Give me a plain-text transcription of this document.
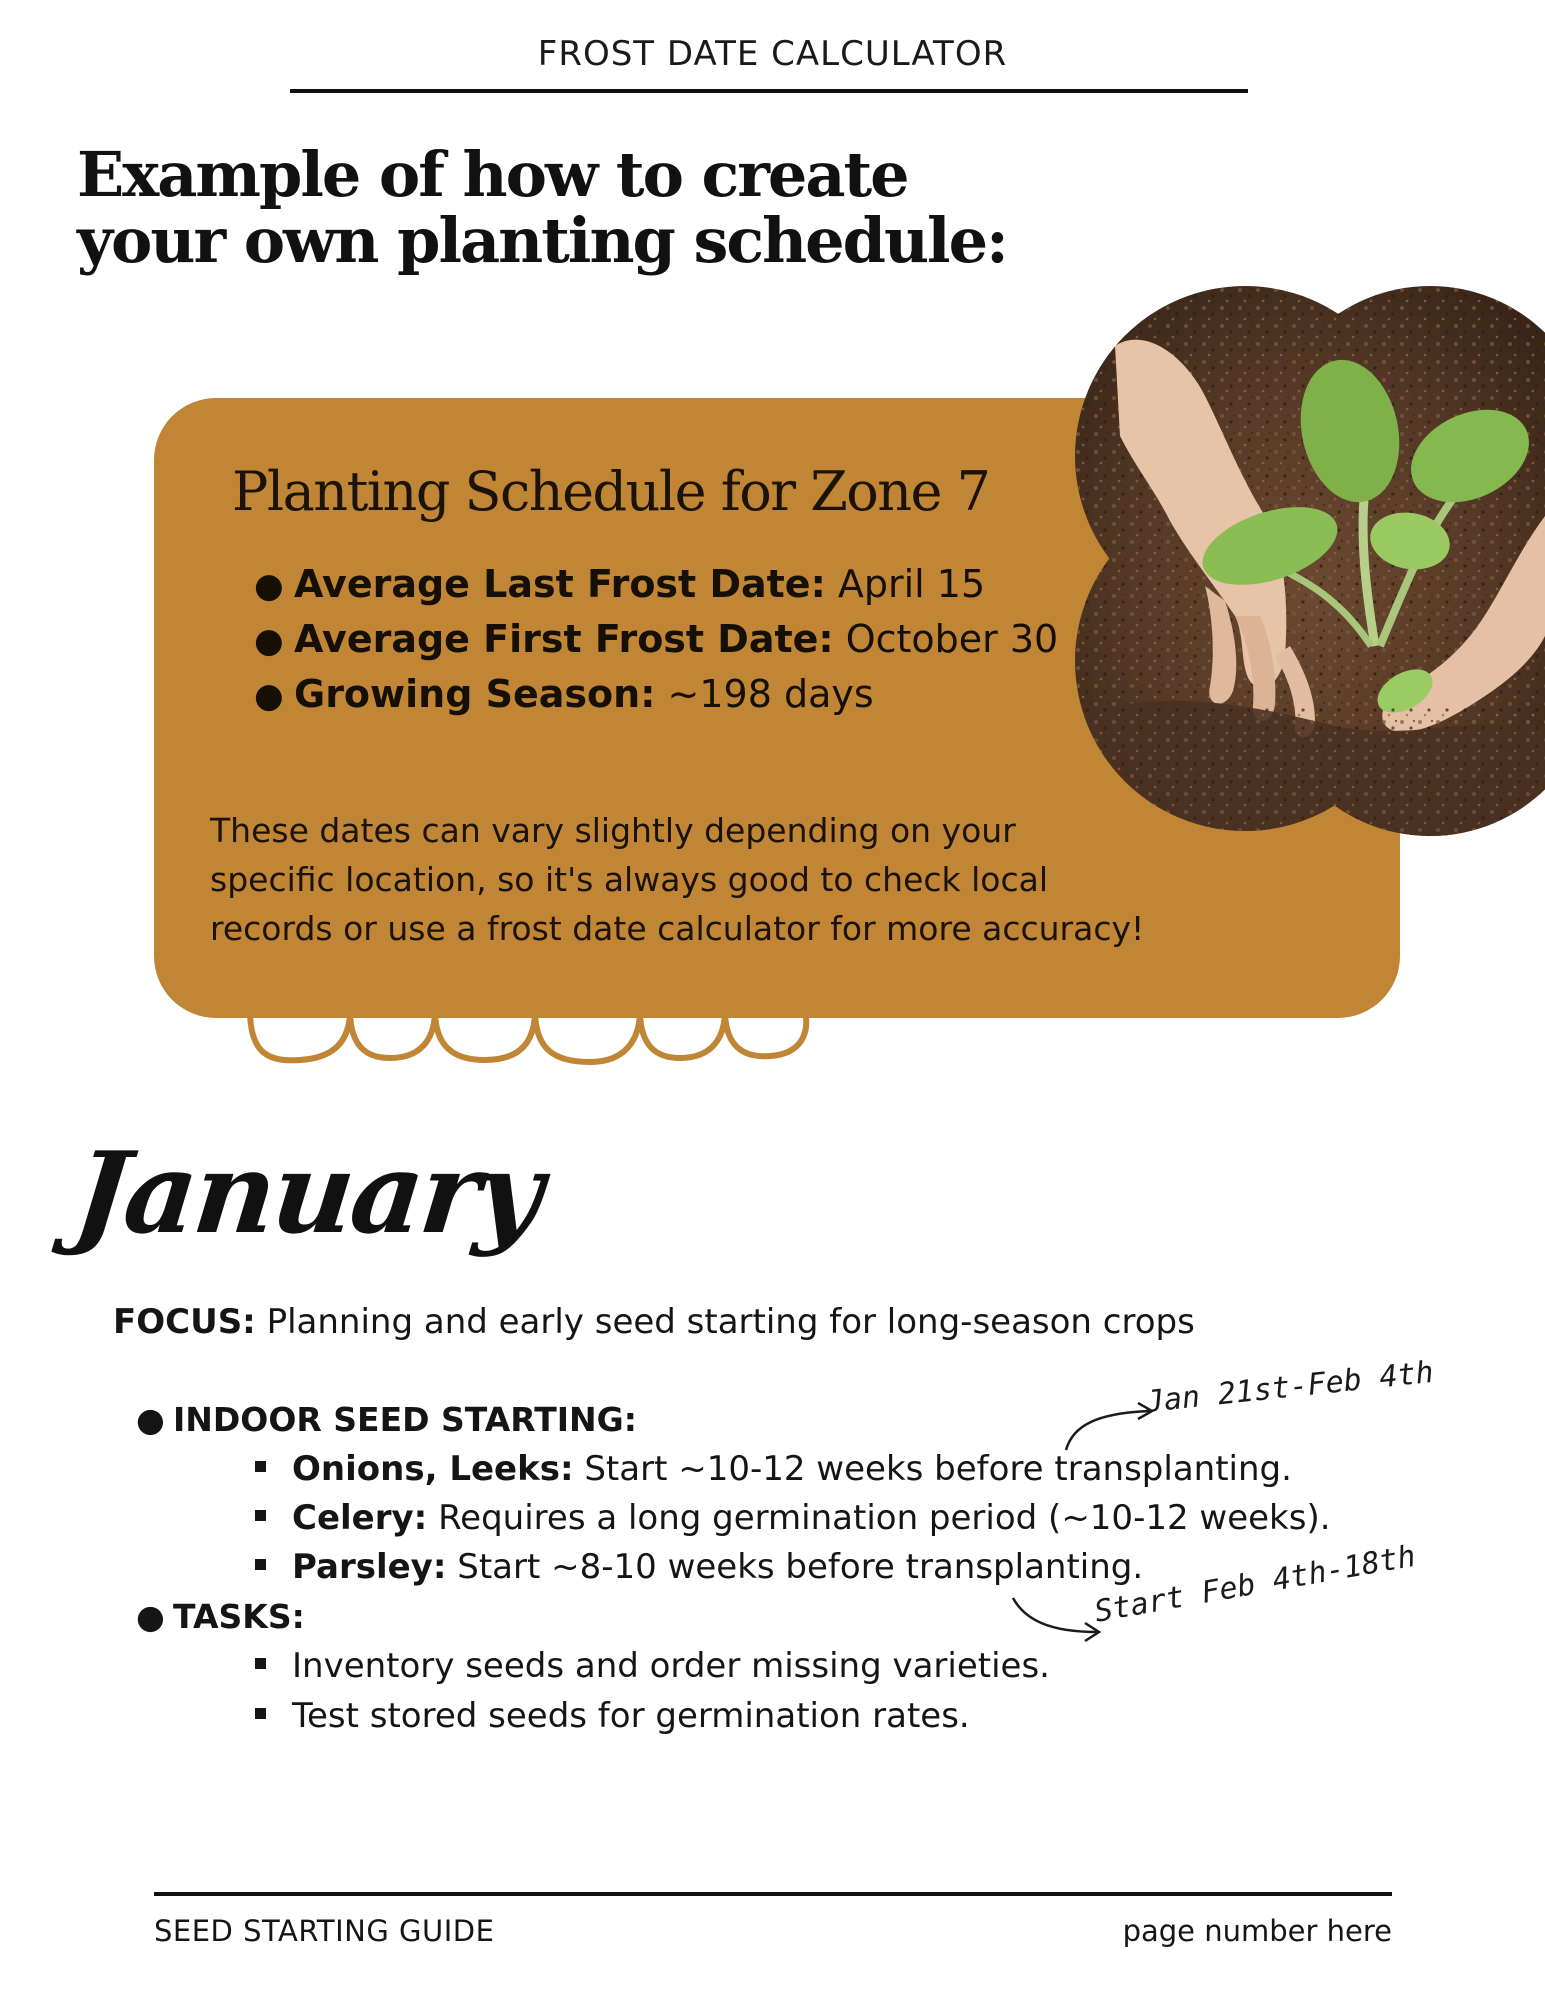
FROST DATE CALCULATOR
Example of how to create
your own planting schedule:
Planting Schedule for Zone 7
● Average Last Frost Date: April 15
● Average First Frost Date: October 30
● Growing Season: ~198 days
These dates can vary slightly depending on your
specific location, so it's always good to check local
records or use a frost date calculator for more accuracy!
January
FOCUS: Planning and early seed starting for long-season crops
● INDOOR SEED STARTING:
Onions, Leeks: Start ~10-12 weeks before transplanting.
Celery: Requires a long germination period (~10-12 weeks).
Parsley: Start ~8-10 weeks before transplanting.
● TASKS:
Inventory seeds and order missing varieties.
Test stored seeds for germination rates.
Jan 21st-Feb 4th
Start Feb 4th-18th
SEED STARTING GUIDE	page number here
